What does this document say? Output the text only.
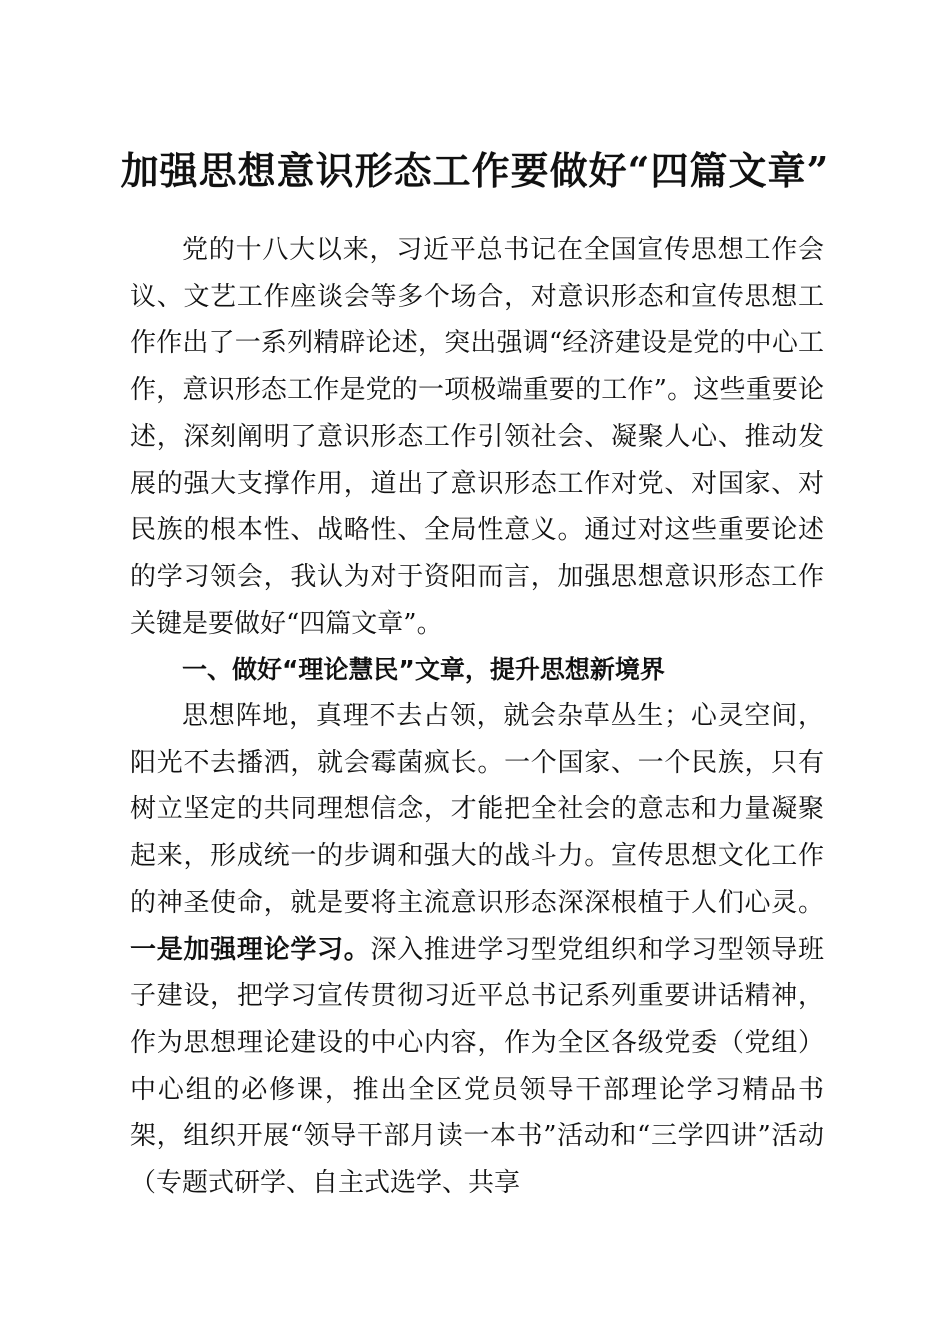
加强思想意识形态工作要做好“四篇文章”

党的十八大以来，习近平总书记在全国宣传思想工作会议、文艺工作座谈会等多个场合，对意识形态和宣传思想工作作出了一系列精辟论述，突出强调“经济建设是党的中心工作，意识形态工作是党的一项极端重要的工作”。这些重要论述，深刻阐明了意识形态工作引领社会、凝聚人心、推动发展的强大支撑作用，道出了意识形态工作对党、对国家、对民族的根本性、战略性、全局性意义。通过对这些重要论述的学习领会，我认为对于资阳而言，加强思想意识形态工作关键是要做好“四篇文章”。

一、做好“理论慧民”文章，提升思想新境界

思想阵地，真理不去占领，就会杂草丛生；心灵空间，阳光不去播洒，就会霉菌疯长。一个国家、一个民族，只有树立坚定的共同理想信念，才能把全社会的意志和力量凝聚起来，形成统一的步调和强大的战斗力。宣传思想文化工作的神圣使命，就是要将主流意识形态深深根植于人们心灵。一是加强理论学习。深入推进学习型党组织和学习型领导班子建设，把学习宣传贯彻习近平总书记系列重要讲话精神，作为思想理论建设的中心内容，作为全区各级党委（党组）中心组的必修课，推出全区党员领导干部理论学习精品书架，组织开展“领导干部月读一本书”活动和“三学四讲”活动（专题式研学、自主式选学、共享
